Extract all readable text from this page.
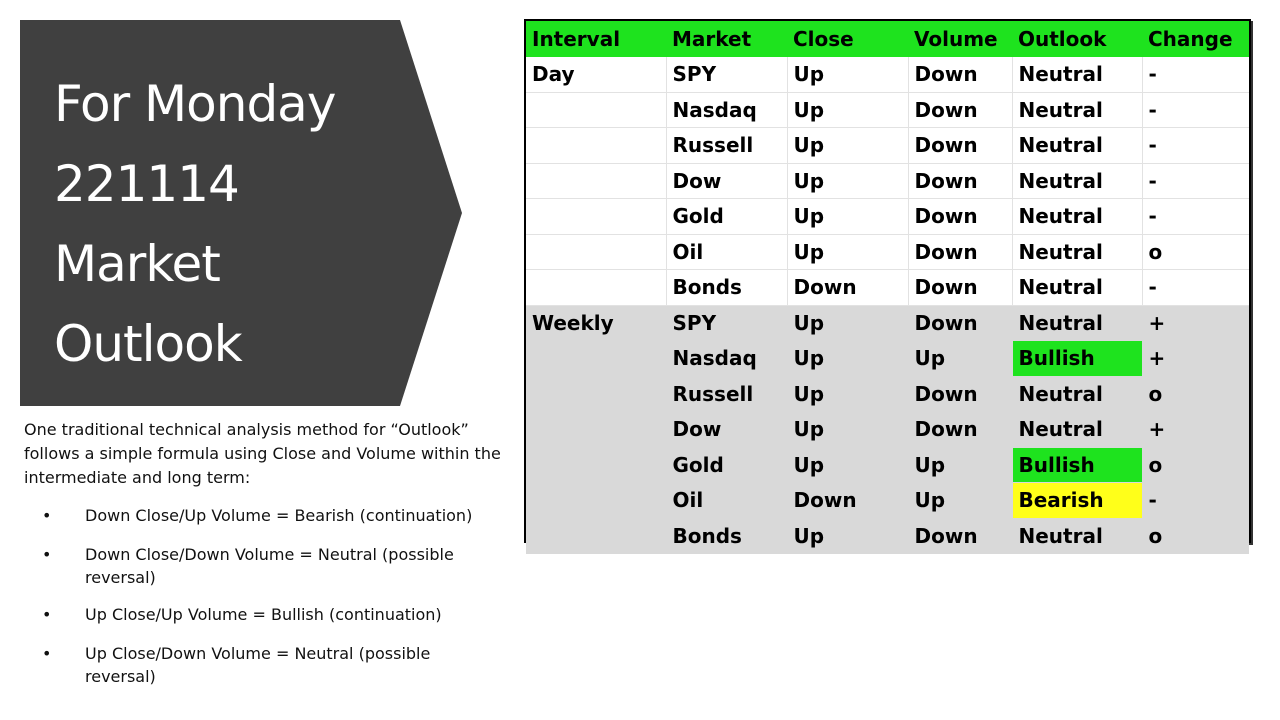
For Monday
221114
Market
Outlook
One traditional technical analysis method for “Outlook” follows a simple formula using Close and Volume within the intermediate and long term:
• Down Close/Up Volume = Bearish (continuation)
• Down Close/Down Volume = Neutral (possible reversal)
• Up Close/Up Volume = Bullish (continuation)
• Up Close/Down Volume = Neutral (possible reversal)
Interval	Market	Close	Volume	Outlook	Change
Day	SPY	Up	Down	Neutral	-
	Nasdaq	Up	Down	Neutral	-
	Russell	Up	Down	Neutral	-
	Dow	Up	Down	Neutral	-
	Gold	Up	Down	Neutral	-
	Oil	Up	Down	Neutral	o
	Bonds	Down	Down	Neutral	-
Weekly	SPY	Up	Down	Neutral	+
	Nasdaq	Up	Up	Bullish	+
	Russell	Up	Down	Neutral	o
	Dow	Up	Down	Neutral	+
	Gold	Up	Up	Bullish	o
	Oil	Down	Up	Bearish	-
	Bonds	Up	Down	Neutral	o
